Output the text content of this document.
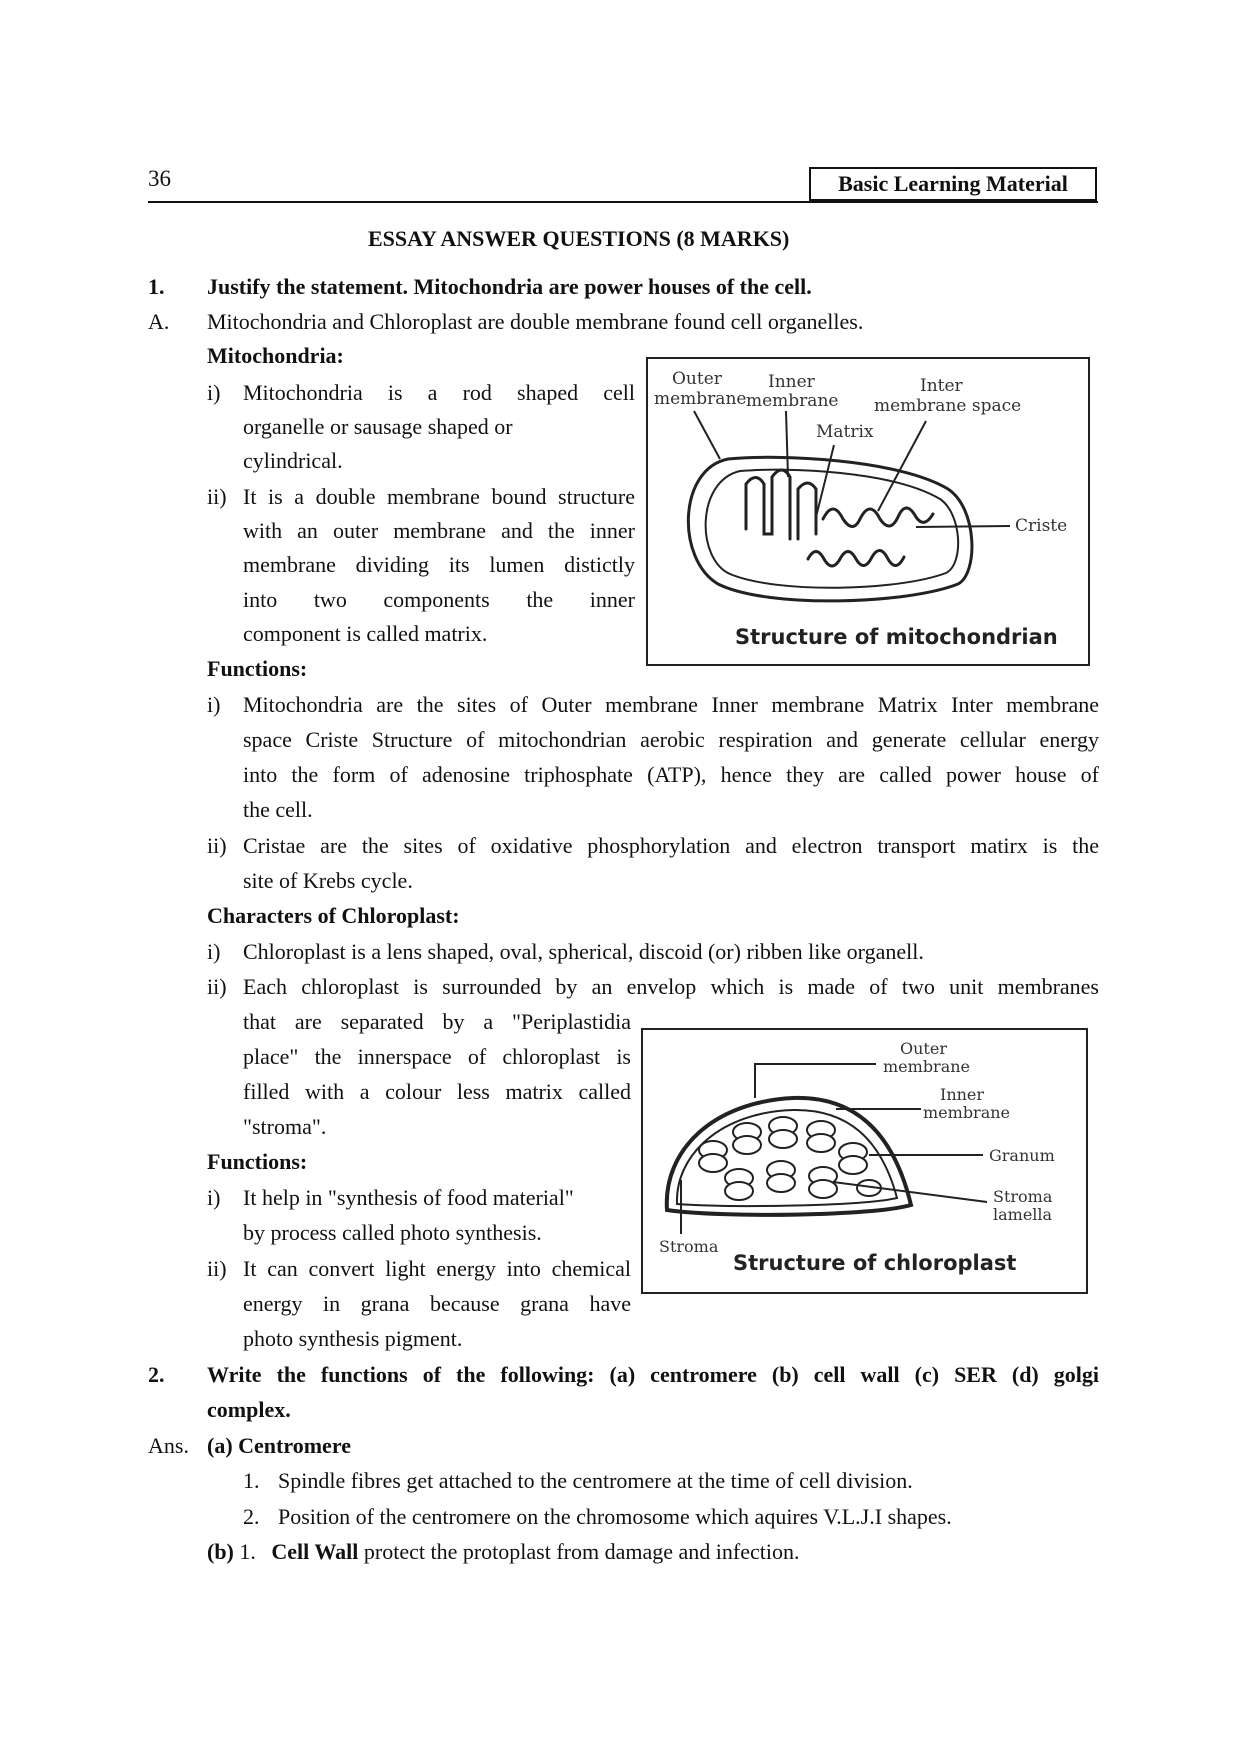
36	Basic Learning Material
ESSAY ANSWER QUESTIONS (8 MARKS)
1. Justify the statement. Mitochondria are power houses of the cell.
A. Mitochondria and Chloroplast are double membrane found cell organelles.
Mitochondria:
i) Mitochondria is a rod shaped cell
organelle or sausage shaped or
cylindrical.
ii) It is a double membrane bound structure
with an outer membrane and the inner
membrane dividing its lumen distictly
into two components the inner
component is called matrix.
Outer
membrane
Inner
membrane
Inter
membrane space
Matrix
Criste
Structure of mitochondrian
Functions:
i) Mitochondria are the sites of Outer membrane Inner membrane Matrix Inter membrane
space Criste Structure of mitochondrian aerobic respiration and generate cellular energy
into the form of adenosine triphosphate (ATP), hence they are called power house of
the cell.
ii) Cristae are the sites of oxidative phosphorylation and electron transport matirx is the
site of Krebs cycle.
Characters of Chloroplast:
i) Chloroplast is a lens shaped, oval, spherical, discoid (or) ribben like organell.
ii) Each chloroplast is surrounded by an envelop which is made of two unit membranes
that are separated by a "Periplastidia
place" the innerspace of chloroplast is
filled with a colour less matrix called
"stroma".
Functions:
i) It help in "synthesis of food material"
by process called photo synthesis.
ii) It can convert light energy into chemical
energy in grana because grana have
photo synthesis pigment.
Outer
membrane
Inner
membrane
Granum
Stroma
lamella
Stroma
Structure of chloroplast
2. Write the functions of the following: (a) centromere (b) cell wall (c) SER (d) golgi
complex.
Ans. (a) Centromere
1. Spindle fibres get attached to the centromere at the time of cell division.
2. Position of the centromere on the chromosome which aquires V.L.J.I shapes.
(b) 1. Cell Wall protect the protoplast from damage and infection.
